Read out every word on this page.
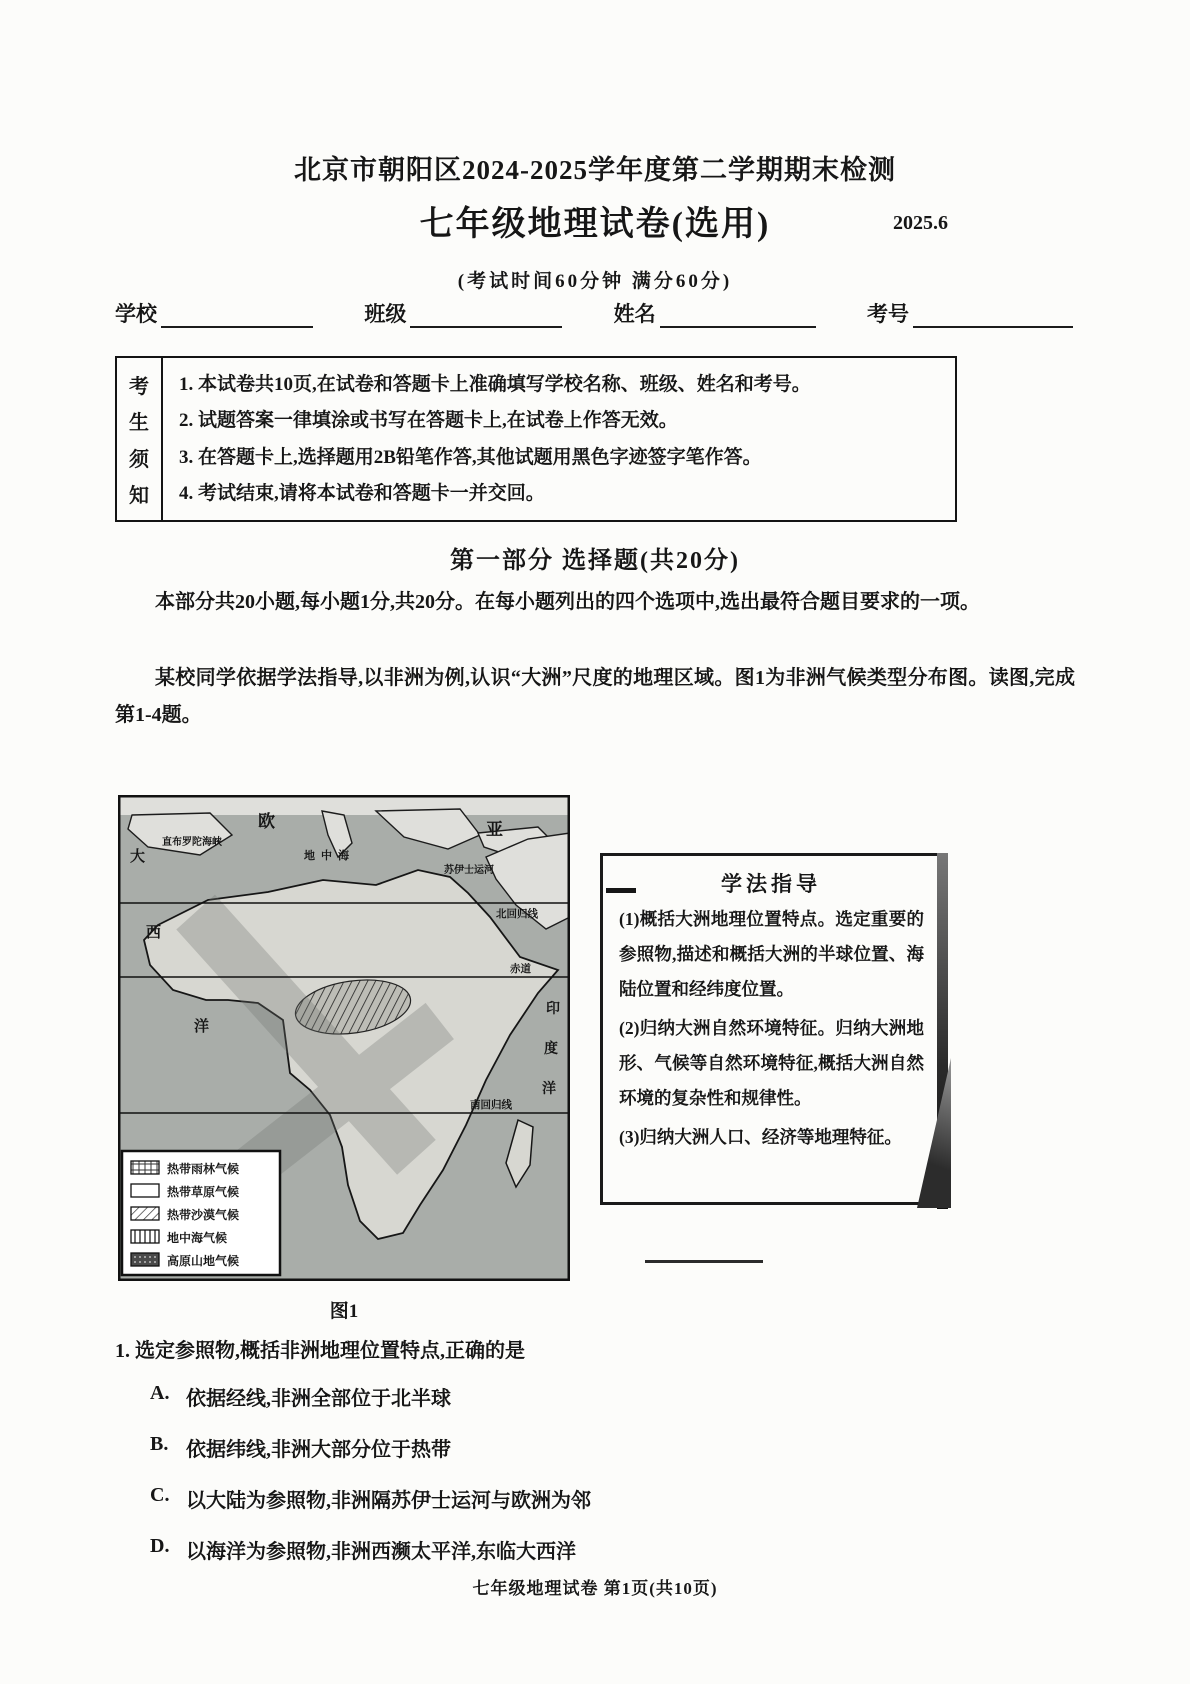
北京市朝阳区2024-2025学年度第二学期期末检测
七年级地理试卷(选用)	2025.6
(考试时间60分钟 满分60分)
学校	班级	姓名	考号
考
生
须
知
1. 本试卷共10页,在试卷和答题卡上准确填写学校名称、班级、姓名和考号。
2. 试题答案一律填涂或书写在答题卡上,在试卷上作答无效。
3. 在答题卡上,选择题用2B铅笔作答,其他试题用黑色字迹签字笔作答。
4. 考试结束,请将本试卷和答题卡一并交回。
第一部分 选择题(共20分)
本部分共20小题,每小题1分,共20分。在每小题列出的四个选项中,选出最符合题目要求的一项。
某校同学依据学法指导,以非洲为例,认识“大洲”尺度的地理区域。图1为非洲气候类型分布图。读图,完成第1-4题。
欧	亚
直布罗陀海峡
地中海
苏伊士运河
北回归线
赤道
南回归线
大
西
洋
印
度
洋
热带雨林气候
热带草原气候
热带沙漠气候
地中海气候
高原山地气候
图1
学法指导
(1)概括大洲地理位置特点。选定重要的参照物,描述和概括大洲的半球位置、海陆位置和经纬度位置。
(2)归纳大洲自然环境特征。归纳大洲地形、气候等自然环境特征,概括大洲自然环境的复杂性和规律性。
(3)归纳大洲人口、经济等地理特征。
1. 选定参照物,概括非洲地理位置特点,正确的是
A. 依据经线,非洲全部位于北半球
B. 依据纬线,非洲大部分位于热带
C. 以大陆为参照物,非洲隔苏伊士运河与欧洲为邻
D. 以海洋为参照物,非洲西濒太平洋,东临大西洋
七年级地理试卷 第1页(共10页)
